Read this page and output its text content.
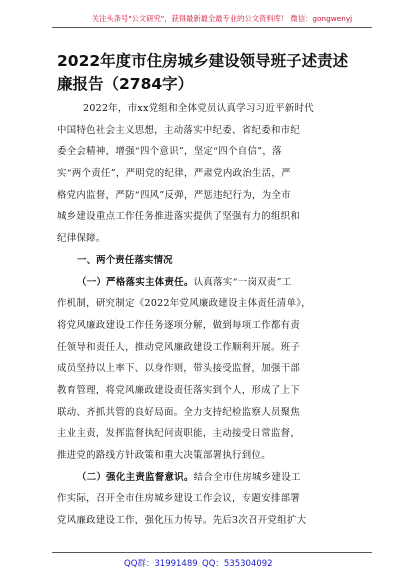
关注头条号"公文研究"，获得最新最全最专业的公文资料库！ 微信：gongwenyj
2022年度市住房城乡建设领导班子述责述
廉报告（2784字）
2022年，市xx党组和全体党员认真学习习近平新时代
中国特色社会主义思想，主动落实中纪委、省纪委和市纪
委全会精神，增强“四个意识”，坚定“四个自信”，落
实“两个责任”，严明党的纪律，严肃党内政治生活，严
格党内监督，严防“四风”反弹，严惩违纪行为，为全市
城乡建设重点工作任务推进落实提供了坚强有力的组织和
纪律保障。
一、两个责任落实情况
（一）严格落实主体责任。认真落实“一岗双责”工
作机制，研究制定《2022年党风廉政建设主体责任清单》，
将党风廉政建设工作任务逐项分解，做到每项工作都有责
任领导和责任人，推动党风廉政建设工作顺利开展。班子
成员坚持以上率下、以身作则，带头接受监督，加强干部
教育管理，将党风廉政建设责任落实到个人，形成了上下
联动、齐抓共管的良好局面。全力支持纪检监察人员聚焦
主业主责，发挥监督执纪问责职能，主动接受日常监督，
推进党的路线方针政策和重大决策部署执行到位。
（二）强化主责监督意识。结合全市住房城乡建设工
作实际，召开全市住房城乡建设工作会议，专题安排部署
党风廉政建设工作，强化压力传导。先后3次召开党组扩大
QQ群：31991489 QQ：535304092
